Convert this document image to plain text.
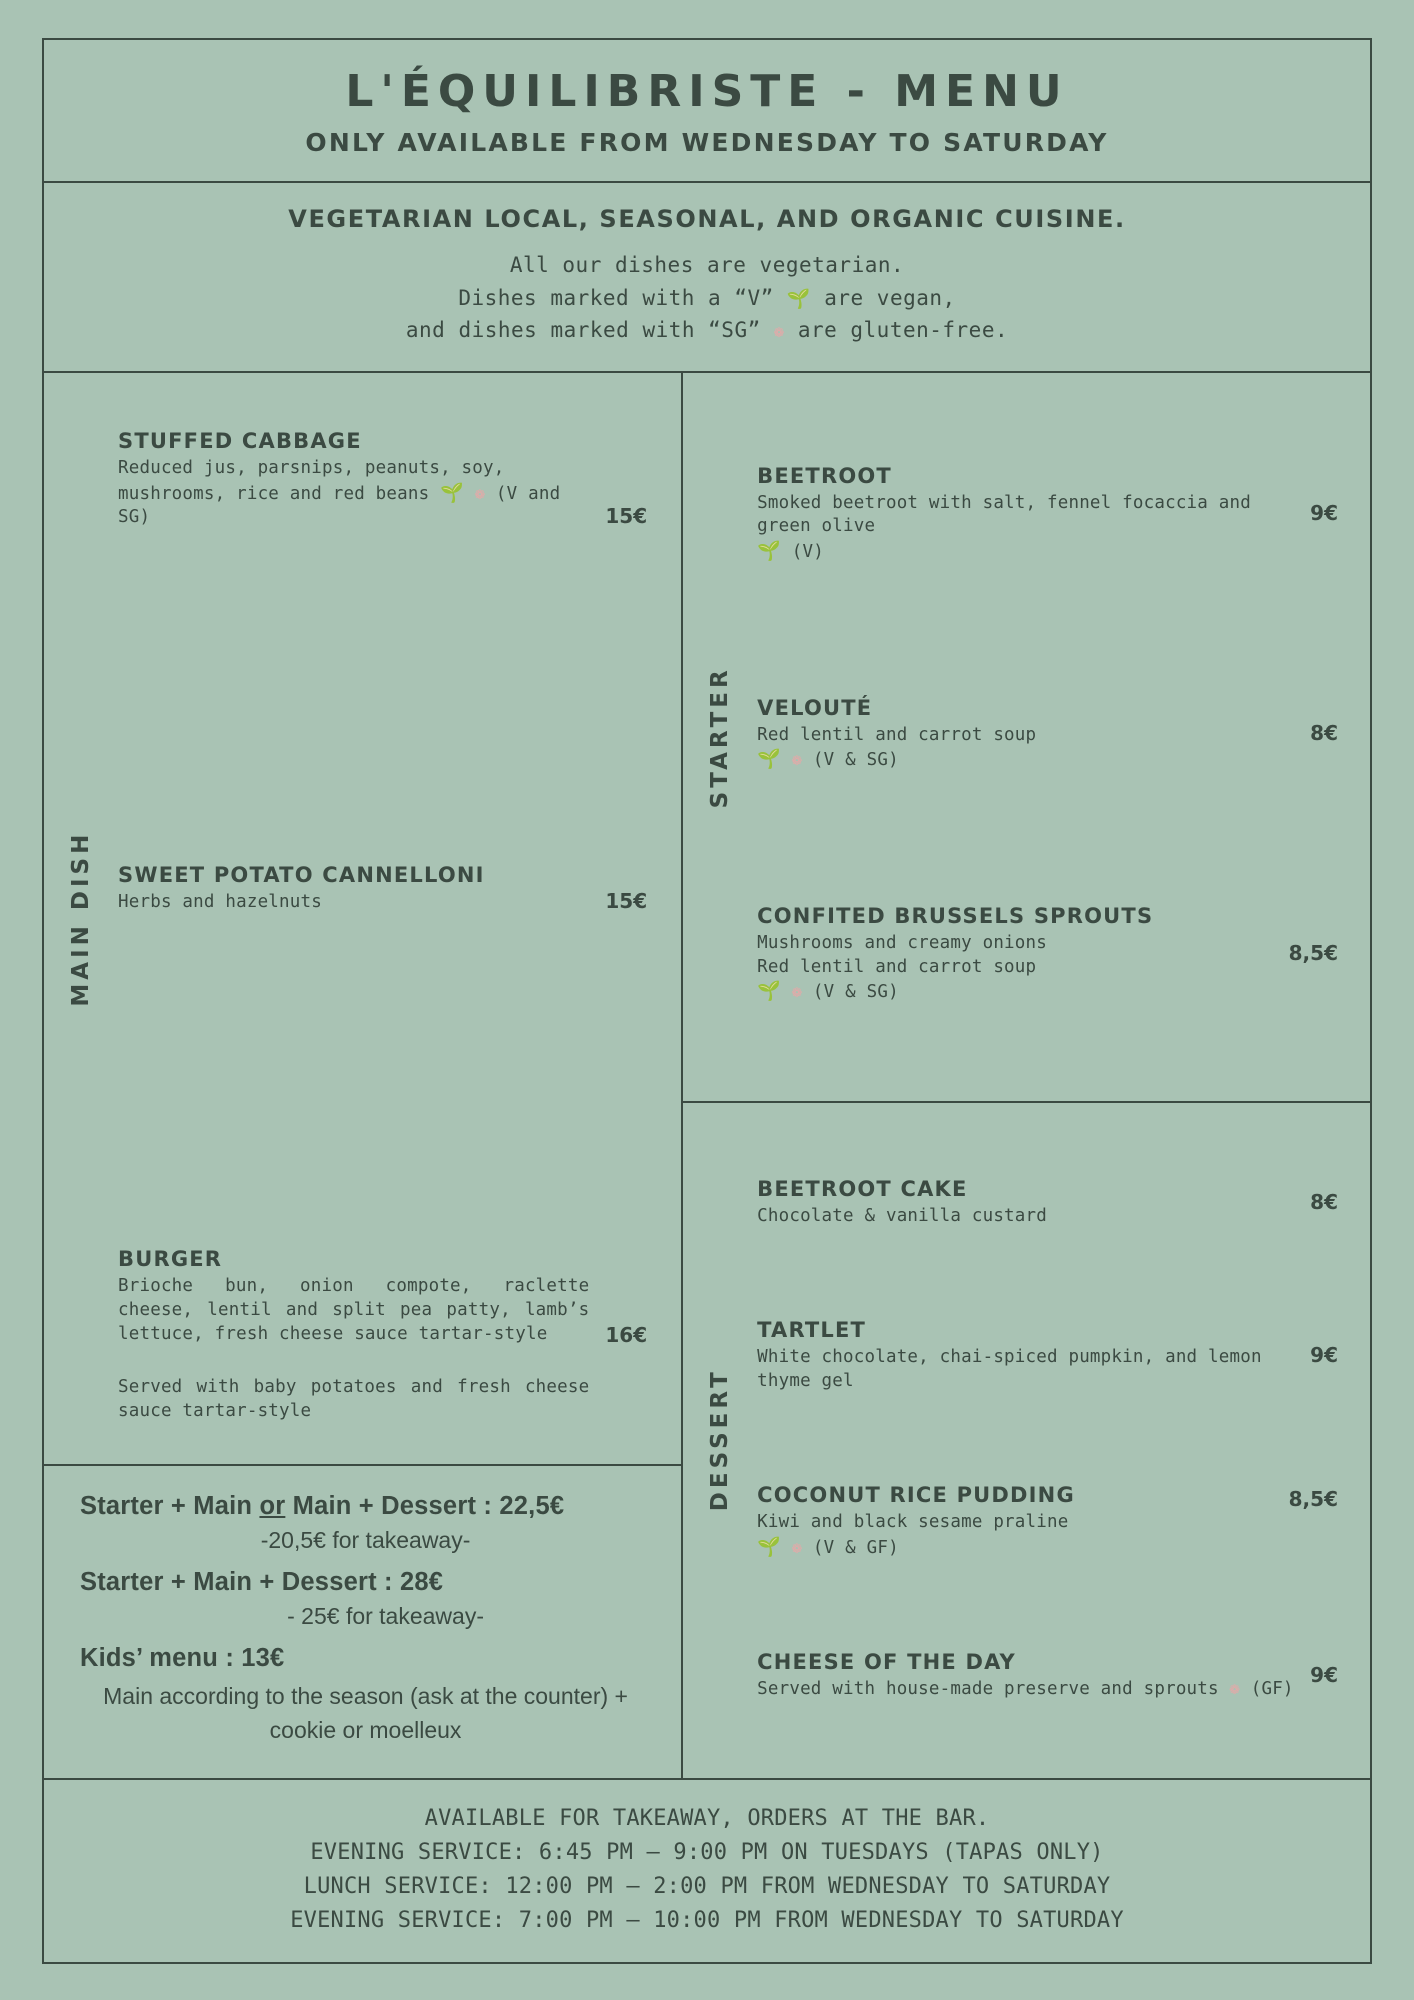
L'ÉQUILIBRISTE - MENU
ONLY AVAILABLE FROM WEDNESDAY TO SATURDAY
VEGETARIAN LOCAL, SEASONAL, AND ORGANIC CUISINE.
All our dishes are vegetarian.
Dishes marked with a “V” 🌱 are vegan,
and dishes marked with “SG” ❁ are gluten-free.
MAIN DISH
STUFFED CABBAGE
Reduced jus, parsnips, peanuts, soy, mushrooms, rice and red beans 🌱 ❁ (V and SG)	15€
SWEET POTATO CANNELLONI
Herbs and hazelnuts	15€
BURGER
Brioche bun, onion compote, raclette cheese, lentil and split pea patty, lamb’s lettuce, fresh cheese sauce tartar-style
Served with baby potatoes and fresh cheese sauce tartar-style
16€
Starter + Main or Main + Dessert : 22,5€
-20,5€ for takeaway-
Starter + Main + Dessert : 28€
- 25€ for takeaway-
Kids’ menu : 13€
Main according to the season (ask at the counter) + cookie or moelleux
STARTER
BEETROOT
Smoked beetroot with salt, fennel focaccia and green olive
🌱 (V)
9€
VELOUTÉ
Red lentil and carrot soup
🌱 ❁ (V & SG)
8€
CONFITED BRUSSELS SPROUTS
Mushrooms and creamy onions
Red lentil and carrot soup
🌱 ❁ (V & SG)
8,5€
DESSERT
BEETROOT CAKE
Chocolate & vanilla custard
8€
TARTLET
White chocolate, chai-spiced pumpkin, and lemon thyme gel
9€
COCONUT RICE PUDDING
Kiwi and black sesame praline
🌱 ❁ (V & GF)
8,5€
CHEESE OF THE DAY
Served with house-made preserve and sprouts ❁ (GF)
9€
AVAILABLE FOR TAKEAWAY, ORDERS AT THE BAR.
EVENING SERVICE: 6:45 PM — 9:00 PM ON TUESDAYS (TAPAS ONLY)
LUNCH SERVICE: 12:00 PM — 2:00 PM FROM WEDNESDAY TO SATURDAY
EVENING SERVICE: 7:00 PM — 10:00 PM FROM WEDNESDAY TO SATURDAY
